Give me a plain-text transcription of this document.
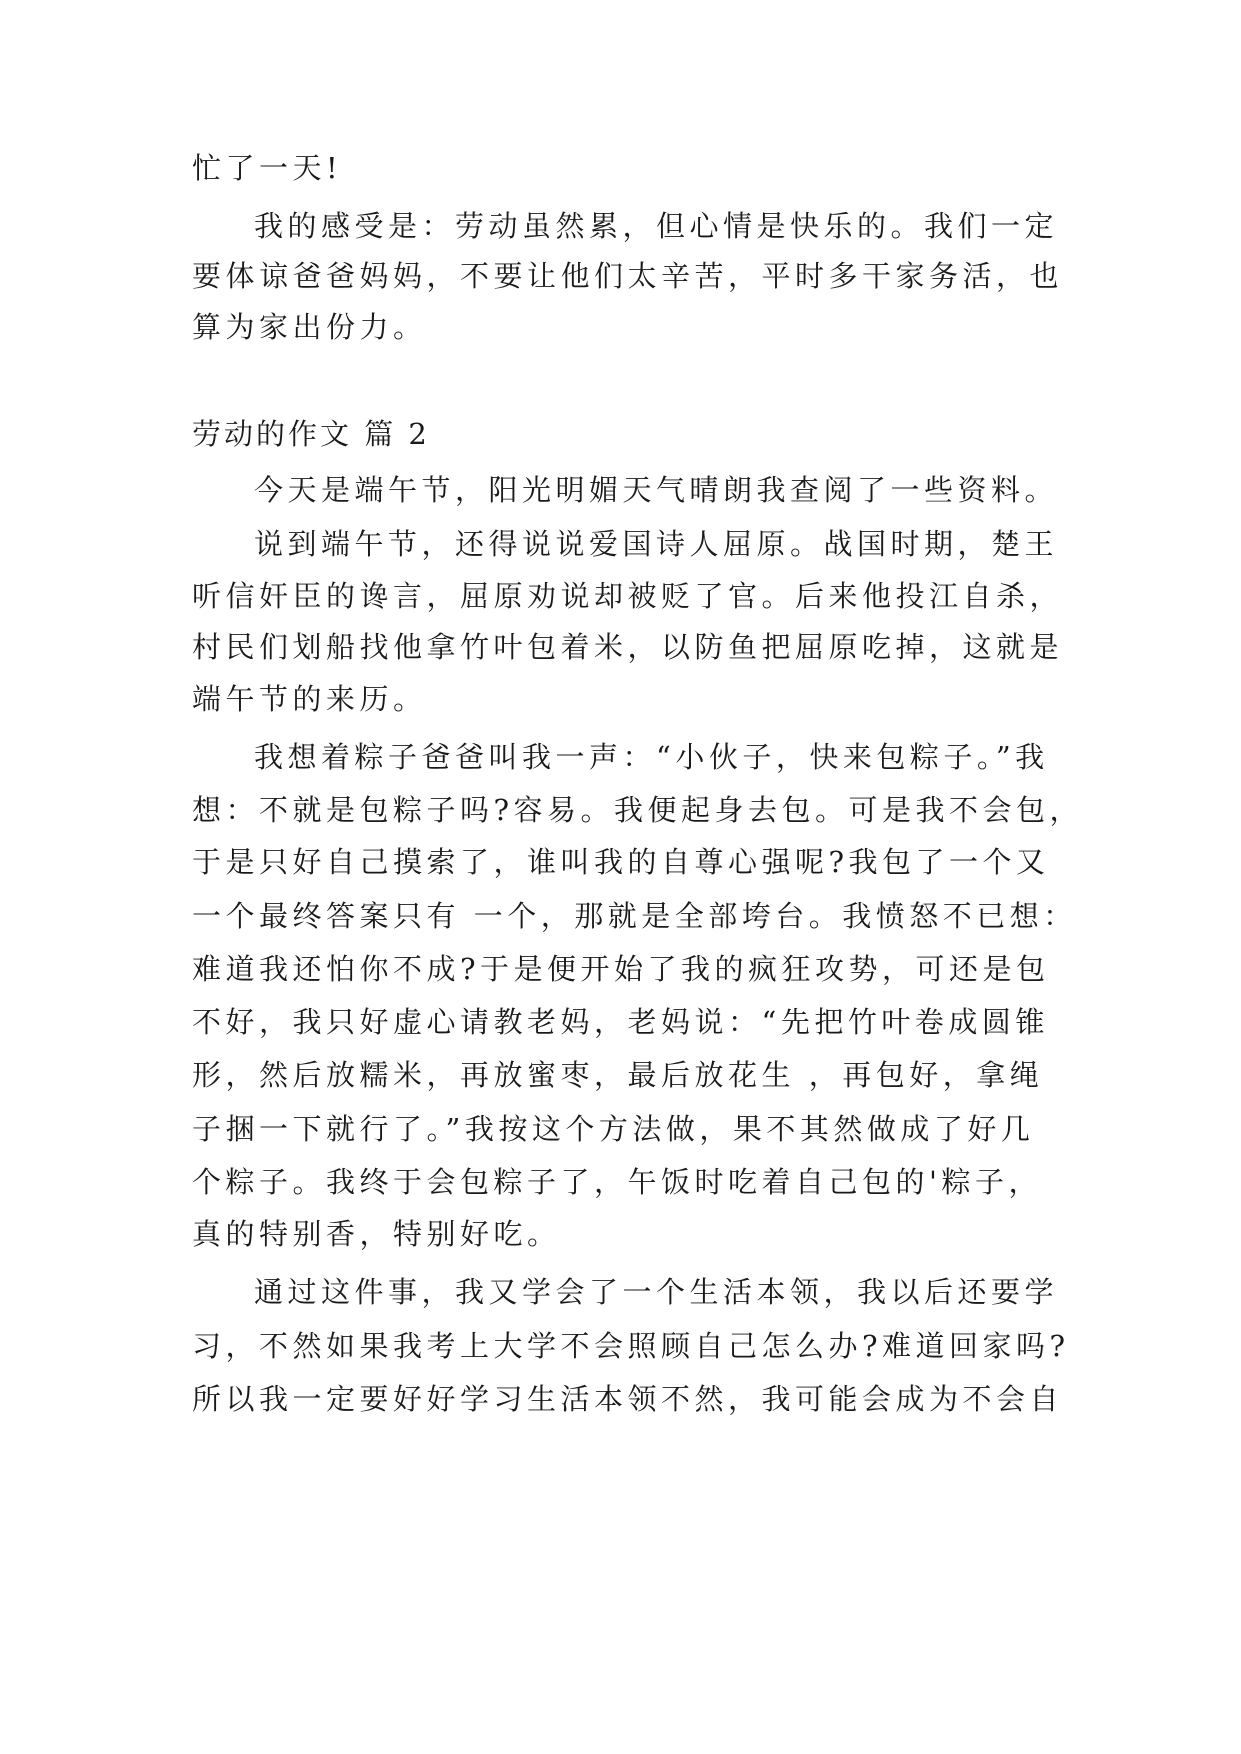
忙了一天!
我的感受是：劳动虽然累，但心情是快乐的。我们一定
要体谅爸爸妈妈，不要让他们太辛苦，平时多干家务活，也
算为家出份力。
劳动的作文 篇 2
今天是端午节，阳光明媚天气晴朗我查阅了一些资料。
说到端午节，还得说说爱国诗人屈原。战国时期，楚王
听信奸臣的谗言，屈原劝说却被贬了官。后来他投江自杀，
村民们划船找他拿竹叶包着米，以防鱼把屈原吃掉，这就是
端午节的来历。
我想着粽子爸爸叫我一声：“小伙子，快来包粽子。”我
想：不就是包粽子吗?容易。我便起身去包。可是我不会包，
于是只好自己摸索了，谁叫我的自尊心强呢?我包了一个又
一个最终答案只有 一个，那就是全部垮台。我愤怒不已想：
难道我还怕你不成?于是便开始了我的疯狂攻势，可还是包
不好，我只好虚心请教老妈，老妈说：“先把竹叶卷成圆锥
形，然后放糯米，再放蜜枣，最后放花生 ，再包好，拿绳
子捆一下就行了。”我按这个方法做，果不其然做成了好几
个粽子。我终于会包粽子了，午饭时吃着自己包的'粽子，
真的特别香，特别好吃。
通过这件事，我又学会了一个生活本领，我以后还要学
习，不然如果我考上大学不会照顾自己怎么办?难道回家吗?
所以我一定要好好学习生活本领不然，我可能会成为不会自
